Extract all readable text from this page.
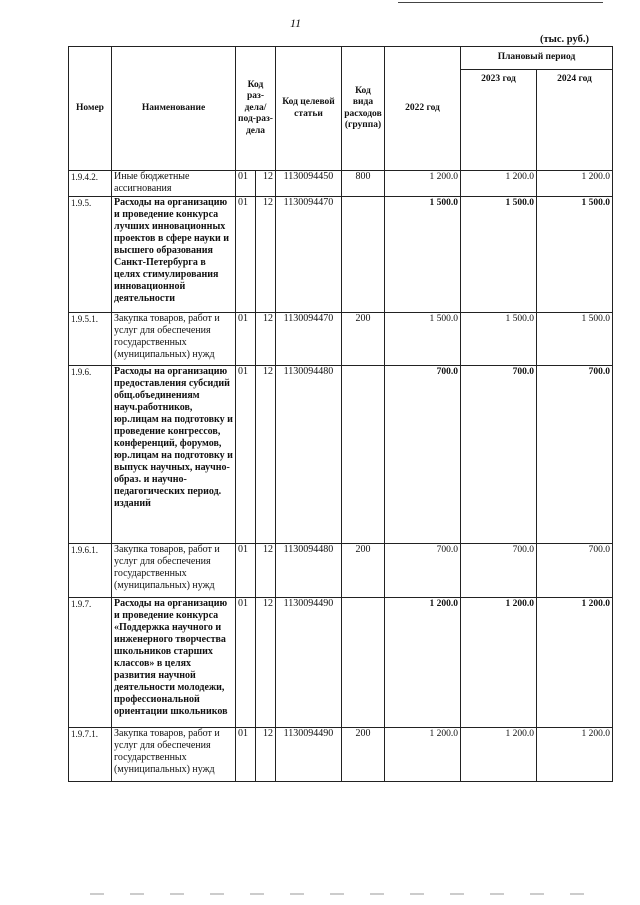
11
(тыс. руб.)
Номер	Наименование	Код раз-дела/ под-раз-дела		Код целевой статьи	Код вида расходов (группа)	2022 год	Плановый период	
							2023 год	2024 год
1.9.4.2.	Иные бюджетные ассигнования	01	12	1130094450	800	1 200.0	1 200.0	1 200.0
1.9.5.	Расходы на организацию и проведение конкурса лучших инновационных проектов в сфере науки и высшего образования Санкт-Петербурга в целях стимулирования инновационной деятельности	01	12	1130094470		1 500.0	1 500.0	1 500.0
1.9.5.1.	Закупка товаров, работ и услуг для обеспечения государственных (муниципальных) нужд	01	12	1130094470	200	1 500.0	1 500.0	1 500.0
1.9.6.	Расходы на организацию предоставления субсидий общ.объединениям науч.работников, юр.лицам на подготовку и проведение конгрессов, конференций, форумов, юр.лицам на подготовку и выпуск научных, научно-образ. и научно-педагогических период. изданий	01	12	1130094480		700.0	700.0	700.0
1.9.6.1.	Закупка товаров, работ и услуг для обеспечения государственных (муниципальных) нужд	01	12	1130094480	200	700.0	700.0	700.0
1.9.7.	Расходы на организацию и проведение конкурса «Поддержка научного и инженерного творчества школьников старших классов» в целях развития научной деятельности молодежи, профессиональной ориентации школьников	01	12	1130094490		1 200.0	1 200.0	1 200.0
1.9.7.1.	Закупка товаров, работ и услуг для обеспечения государственных (муниципальных) нужд	01	12	1130094490	200	1 200.0	1 200.0	1 200.0
